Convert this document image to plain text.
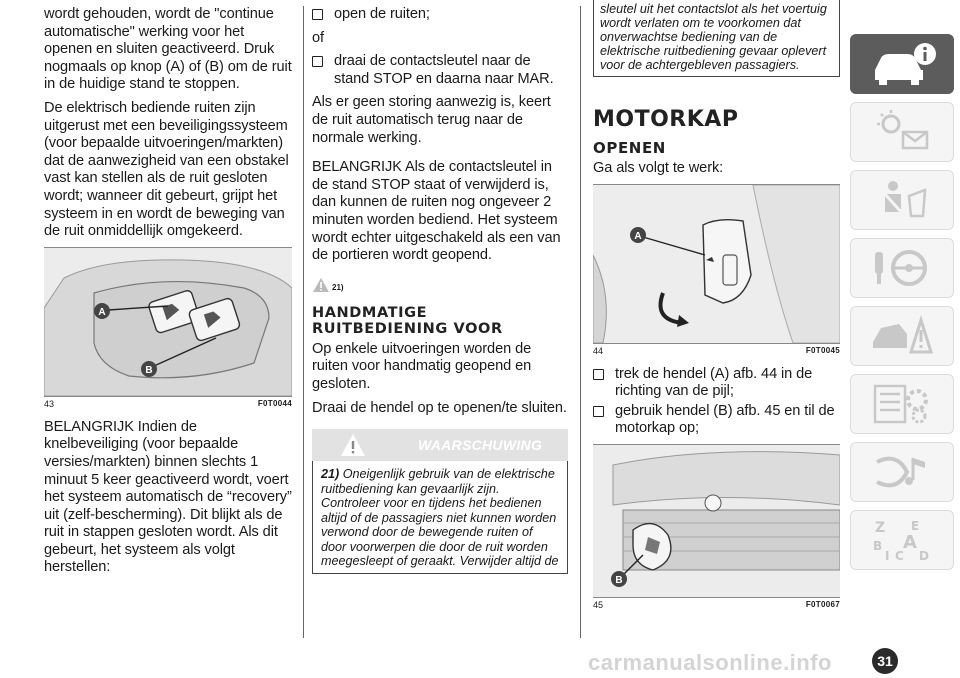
wordt gehouden, wordt de "continue automatische" werking voor het openen en sluiten geactiveerd. Druk nogmaals op knop (A) of (B) om de ruit in de huidige stand te stoppen.

De elektrisch bediende ruiten zijn uitgerust met een beveiligingssysteem (voor bepaalde uitvoeringen/markten) dat de aanwezigheid van een obstakel vast kan stellen als de ruit gesloten wordt; wanneer dit gebeurt, grijpt het systeem in en wordt de beweging van de ruit onmiddellijk omgekeerd.

A
B
43	F0T0044

BELANGRIJK Indien de knelbeveiliging (voor bepaalde versies/markten) binnen slechts 1 minuut 5 keer geactiveerd wordt, voert het systeem automatisch de “recovery” uit (zelf-bescherming). Dit blijkt als de ruit in stappen gesloten wordt. Als dit gebeurt, het systeem als volgt herstellen:

open de ruiten;

of

draai de contactsleutel naar de stand STOP en daarna naar MAR.

Als er geen storing aanwezig is, keert de ruit automatisch terug naar de normale werking.

BELANGRIJK Als de contactsleutel in de stand STOP staat of verwijderd is, dan kunnen de ruiten nog ongeveer 2 minuten worden bediend. Het systeem wordt echter uitgeschakeld als een van de portieren wordt geopend.

21)
HANDMATIGE
RUITBEDIENING VOOR

Op enkele uitvoeringen worden de ruiten voor handmatig geopend en gesloten.

Draai de hendel op te openen/te sluiten.

WAARSCHUWING
21) Oneigenlijk gebruik van de elektrische ruitbediening kan gevaarlijk zijn. Controleer voor en tijdens het bedienen altijd of de passagiers niet kunnen worden verwond door de bewegende ruiten of door voorwerpen die door de ruit worden meegesleept of geraakt. Verwijder altijd de
sleutel uit het contactslot als het voertuig wordt verlaten om te voorkomen dat onverwachtse bediening van de elektrische ruitbediening gevaar oplevert voor de achtergebleven passagiers.
MOTORKAP
OPENEN

Ga als volgt te werk:

A
44	F0T0045

trek de hendel (A) afb. 44 in de richting van de pijl;

gebruik hendel (B) afb. 45 en til de motorkap op;

B
45	F0T0067
Z E
B A
I C D
carmanualsonline.info	31
